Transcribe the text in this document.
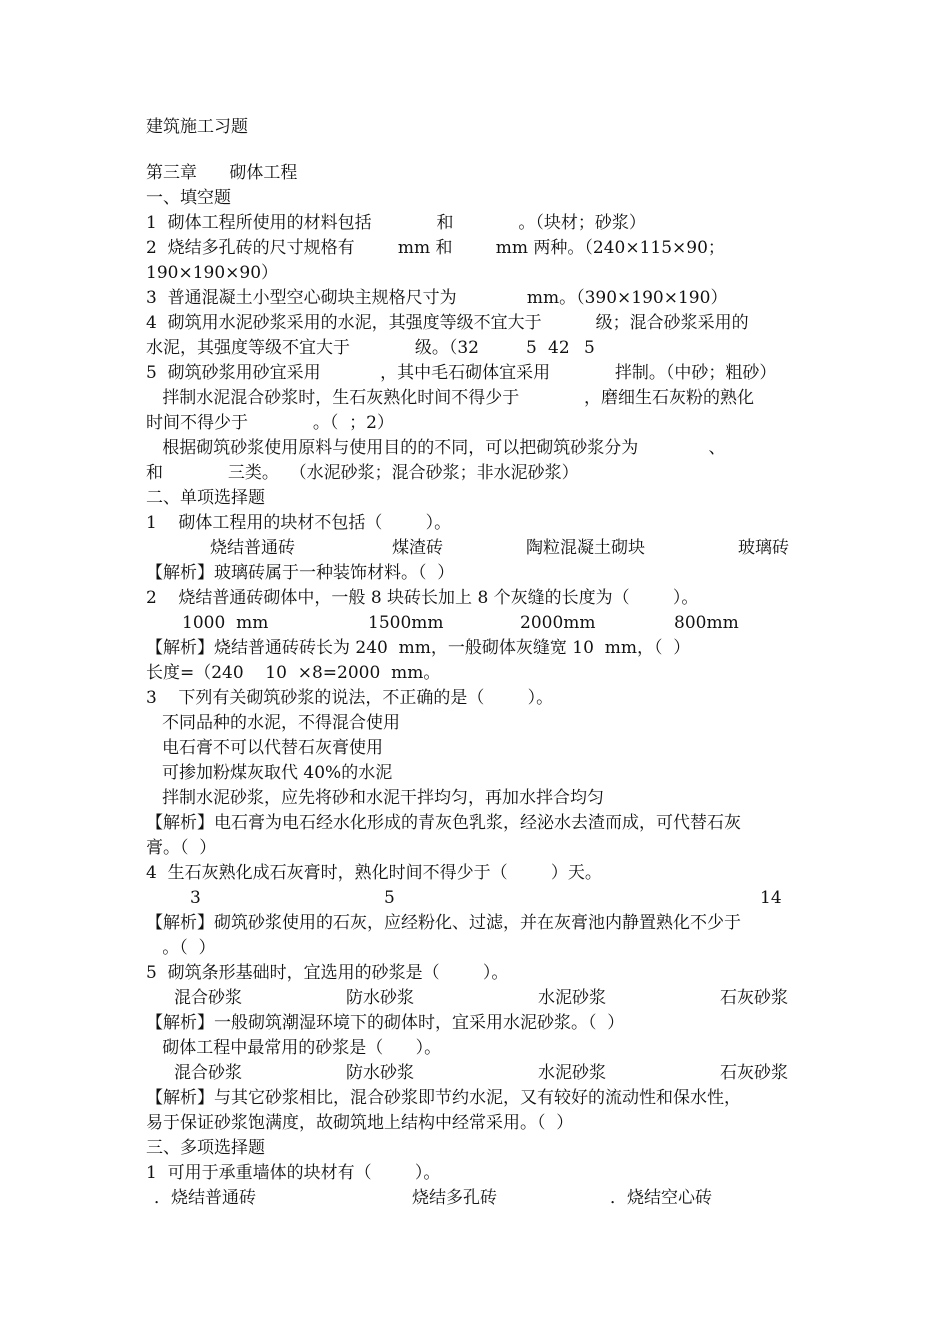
建筑施工习题
第三章      砌体工程
一、填空题
1  砌体工程所使用的材料包括            和            。（块材；砂浆）
2  烧结多孔砖的尺寸规格有        mm 和        mm 两种。（240×115×90；
190×190×90）
3  普通混凝土小型空心砌块主规格尺寸为             mm。（390×190×190）
4  砌筑用水泥砂浆采用的水泥，其强度等级不宜大于          级；混合砂浆采用的

水泥，其强度等级不宜大于            级。（32

	5

42

5

5  砌筑砂浆用砂宜采用           ，其中毛石砌体宜采用            拌制。（中砂；粗砂）
拌制水泥混合砂浆时，生石灰熟化时间不得少于            ，磨细生石灰粉的熟化
时间不得少于            。（  ；2）
根据砌筑砂浆使用原料与使用目的的不同，可以把砌筑砂浆分为             、
和            三类。  （水泥砂浆；混合砂浆；非水泥砂浆）
二、单项选择题
1    砌体工程用的块材不包括（        ）。

烧结普通砖

	煤渣砖

	陶粒混凝土砌块

	玻璃砖

【解析】玻璃砖属于一种装饰材料。（  ）
2    烧结普通砖砌体中，一般 8 块砖长加上 8 个灰缝的长度为（        ）。

1000  mm

	1500mm

	2000mm

	800mm

【解析】烧结普通砖砖长为 240  mm，一般砌体灰缝宽 10  mm，（  ）
长度=（240    10  ×8=2000  mm。
3    下列有关砌筑砂浆的说法，不正确的是（        ）。
不同品种的水泥，不得混合使用
电石膏不可以代替石灰膏使用
可掺加粉煤灰取代 40%的水泥
拌制水泥砂浆，应先将砂和水泥干拌均匀，再加水拌合均匀
【解析】电石膏为电石经水化形成的青灰色乳浆，经泌水去渣而成，可代替石灰
膏。（  ）
4  生石灰熟化成石灰膏时，熟化时间不得少于（        ）天。

3

	5

	14

【解析】砌筑砂浆使用的石灰，应经粉化、过滤，并在灰膏池内静置熟化不少于
。（  ）
5  砌筑条形基础时，宜选用的砂浆是（        ）。

混合砂浆

	防水砂浆

	水泥砂浆

	石灰砂浆

【解析】一般砌筑潮湿环境下的砌体时，宜采用水泥砂浆。（  ）
砌体工程中最常用的砂浆是（      ）。

混合砂浆

	防水砂浆

	水泥砂浆

	石灰砂浆

【解析】与其它砂浆相比，混合砂浆即节约水泥，又有较好的流动性和保水性，
易于保证砂浆饱满度，故砌筑地上结构中经常采用。（  ）
三、多项选择题
1  可用于承重墙体的块材有（        ）。

．烧结普通砖

	烧结多孔砖

	．烧结空心砖
